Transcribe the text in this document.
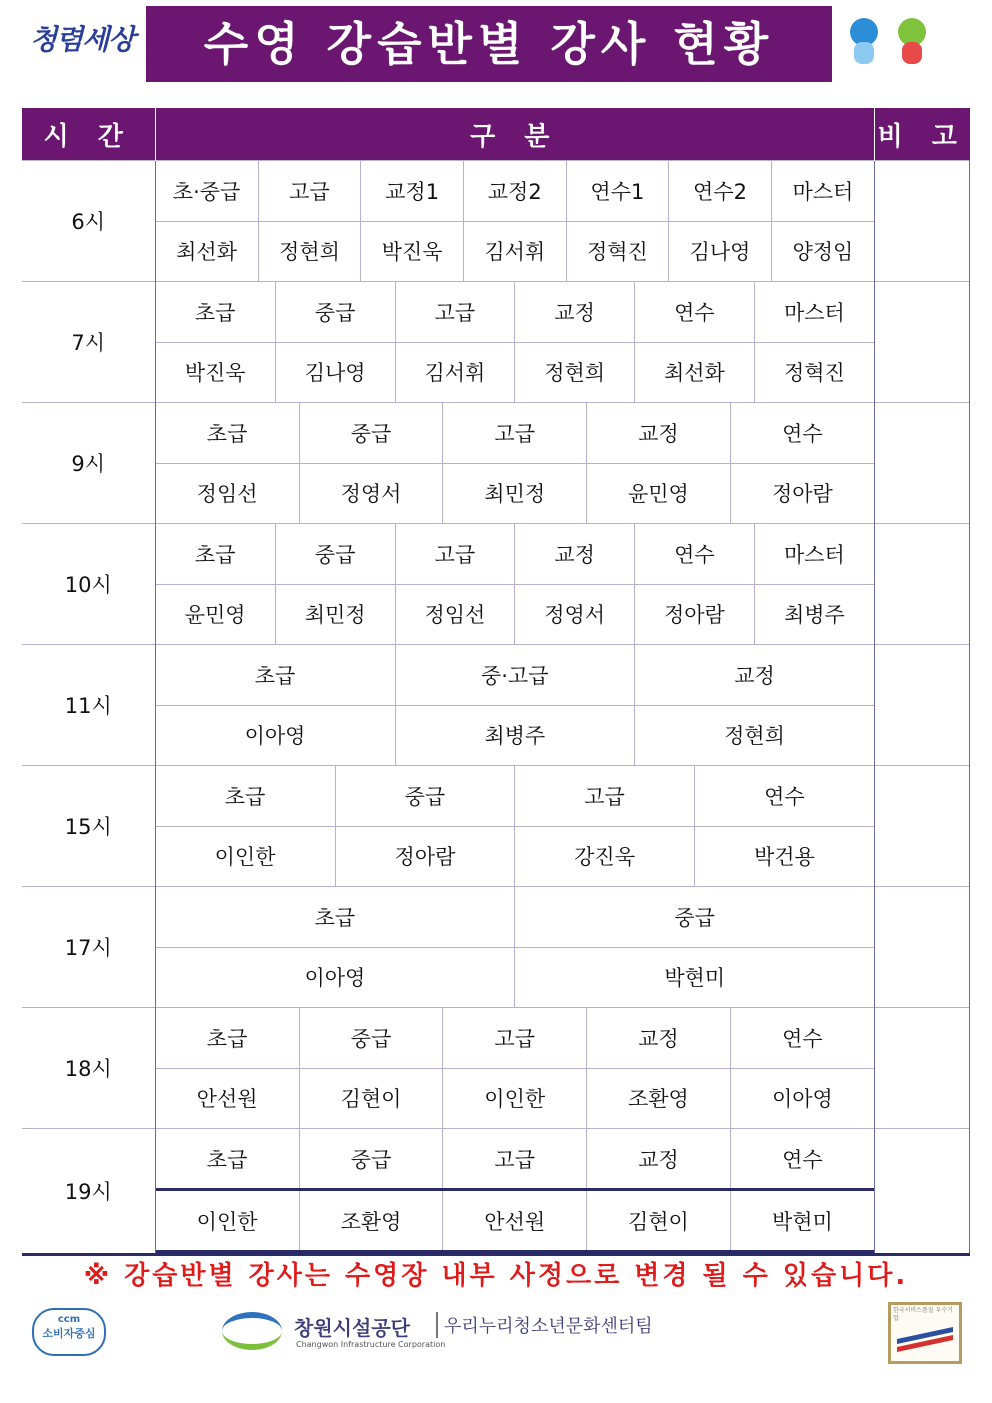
청렴세상	수영 강습반별 강사 현황
시 간	구 분	비 고
6시	
초·중급	고급	교정1	교정2	연수1	연수2	마스터
최선화	정현희	박진욱	김서휘	정혁진	김나영	양정임

7시	
초급	중급	고급	교정	연수	마스터
박진욱	김나영	김서휘	정현희	최선화	정혁진

9시	
초급	중급	고급	교정	연수
정임선	정영서	최민정	윤민영	정아람

10시	
초급	중급	고급	교정	연수	마스터
윤민영	최민정	정임선	정영서	정아람	최병주

11시	
초급	중·고급	교정
이아영	최병주	정현희

15시	
초급	중급	고급	연수
이인한	정아람	강진욱	박건용

17시	
초급	중급
이아영	박현미

18시	
초급	중급	고급	교정	연수
안선원	김현이	이인한	조환영	이아영

19시	
초급	중급	고급	교정	연수
이인한	조환영	안선원	김현이	박현미

※ 강습반별 강사는 수영장 내부 사정으로 변경 될 수 있습니다.
ccm
소비자중심	창원시설공단
Changwon Infrastructure Corporation
우리누리청소년문화센터팀
한국서비스품질 우수기업
